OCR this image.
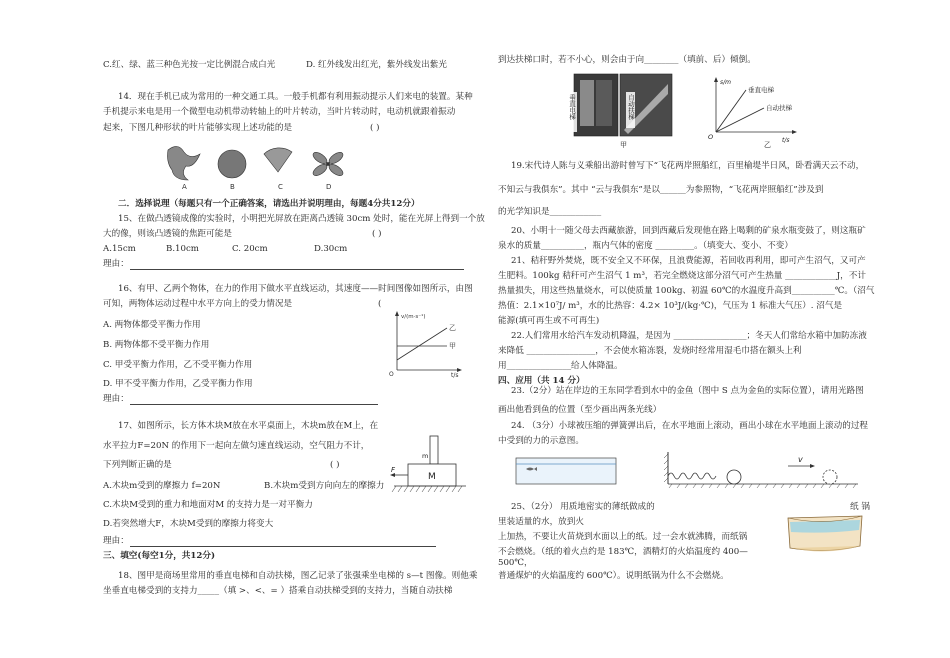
C.红、绿、蓝三种色光按一定比例混合成白光	D. 红外线发出红光，紫外线发出紫光
14．现在手机已成为常用的一种交通工具。一般手机都有利用振动提示人们来电的装置。某种
手机提示来电是用一个微型电动机带动转轴上的叶片转动，当叶片转动时，电动机就跟着振动
起来，下图几种形状的叶片能够实现上述功能的是	( )
A	B	C	D
二．选择说理（每题只有一个正确答案，请选出并说明理由，每题4分共12分）
15、在做凸透镜成像的实验时，小明把光屏放在距离凸透镜 30cm 处时，能在光屏上得到一个放
大的像，则该凸透镜的焦距可能是	( )
A.15cm	B.10cm	C. 20cm	D.30cm
理由：
16、有甲、乙两个物体，在力的作用下做水平直线运动，其速度——时间图像如图所示，由图
可知，两物体运动过程中水平方向上的受力情况是	(
A. 两物体都受平衡力作用
B. 两物体都不受平衡力作用
C. 甲受平衡力作用，乙不受平衡力作用
D. 甲不受平衡力作用，乙受平衡力作用
理由：
v/(m·s⁻¹)
t/s
O
乙
甲
17、如图所示，长方体木块M放在水平桌面上，木块m放在M上，在
水平拉力F=20N 的作用下一起向左做匀速直线运动，空气阻力不计，
下列判断正确的是	( )
A.木块m受到的摩擦力 f=20N	B.木块m受到方向向左的摩擦力
C.木块M受到的重力和地面对M 的支持力是一对平衡力
D.若突然增大F，木块M受到的摩擦力将变大
理由：
M
m
F
三、填空(每空1分，共12分)
18、图甲是商场里常用的垂直电梯和自动扶梯，图乙记录了张强乘坐电梯的 s—t 图像。则他乘
坐垂直电梯受到的支持力_____（填 >、<、= ）搭乘自动扶梯受到的支持力，当随自动扶梯
到达扶梯口时，若不小心，则会由于向________（填前、后）倾倒。
垂直电梯	自动扶梯
甲
s/m
t/s
O
垂直电梯
自动扶梯
乙
19.宋代诗人陈与义乘船出游时曾写下“飞花两岸照船红，百里榆堤半日风，卧看满天云不动，
不知云与我俱东”。其中 “云与我俱东”是以______为参照物，“飞花两岸照船红”涉及到
的光学知识是____________
20、小明十一随父母去西藏旅游，回到西藏后发现他在路上喝剩的矿泉水瓶变鼓了，则这瓶矿
泉水的质量__________，瓶内气体的密度 _________。（填变大、变小、不变）
21、秸秆野外焚烧，既不安全又不环保，且浪费能源，若回收再利用，即可产生沼气，又可产
生肥料。100kg 秸秆可产生沼气 1 m³，若完全燃烧这部分沼气可产生热量 ____________J，不计
热量损失，用这些热量烧水，可以使质量 100kg、初温 60℃的水温度升高到__________℃。（沼气
热值：2.1×10⁷J/ m³，水的比热容：4.2× 10³J/(kg·℃)，气压为 1 标准大气压）. 沼气是
能源(填可再生或不可再生)
22.人们常用水给汽车发动机降温，是因为 _________________；冬天人们常给水箱中加防冻液
来降低 ________________，不会使水箱冻裂，发烧时经常用湿毛巾搭在额头上利
用_______________给人体降温。
四、应用（共 14 分）
23.（2分）站在岸边的王东同学看到水中的金鱼（图中 S 点为金鱼的实际位置），请用光路图
画出他看到鱼的位置（至少画出两条光线）
24. （3分）小球被压缩的弹簧弹出后，在水平地面上滚动，画出小球在水平地面上滚动的过程
中受到的力的示意图。
v
25、（2分） 用质地密实的薄纸做成的	纸 锅
里装适量的水，放到火
上加热，不要让火苗烧到水面以上的纸。过一会水就沸腾，而纸锅
不会燃烧。（纸的着火点约是 183℃，酒精灯的火焰温度约 400—
500℃，
普通煤炉的火焰温度约 600℃）。说明纸锅为什么不会燃烧。
